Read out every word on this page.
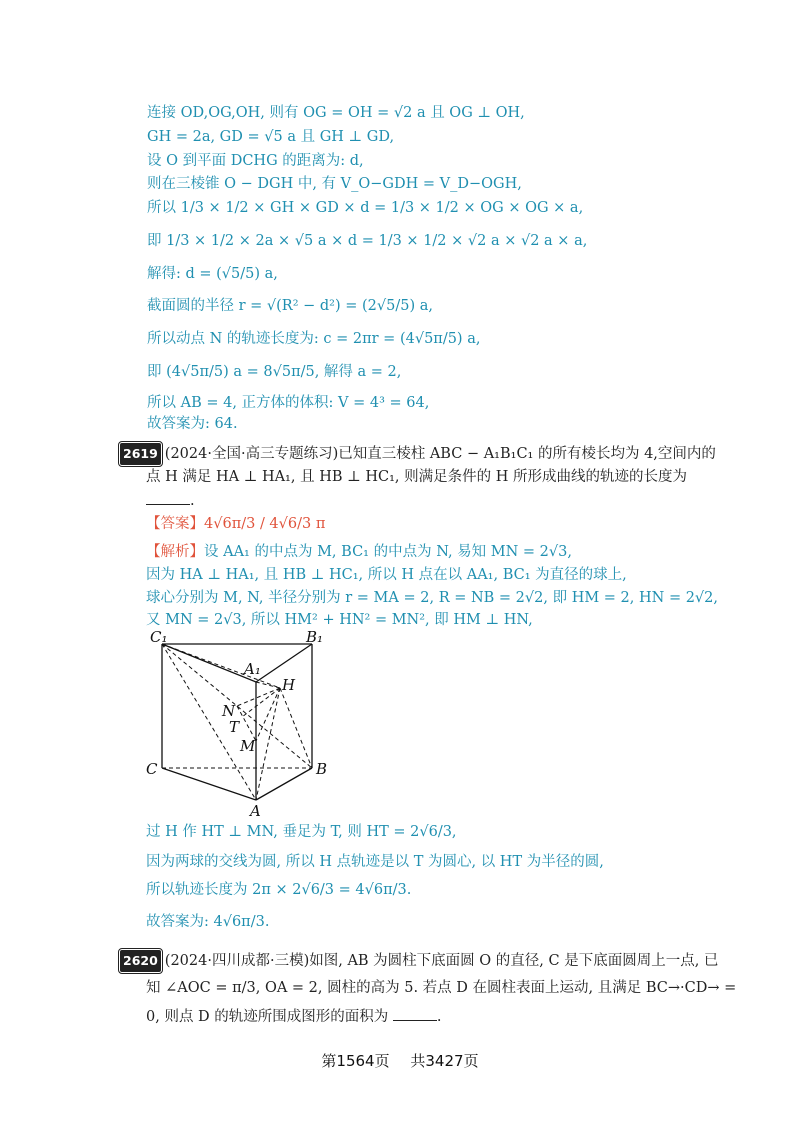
连接 OD,OG,OH, 则有 OG = OH = √2 a 且 OG ⊥ OH,
GH = 2a, GD = √5 a 且 GH ⊥ GD,
设 O 到平面 DCHG 的距离为: d,
则在三棱锥 O − DGH 中, 有 V_O−GDH = V_D−OGH,
所以 1/3 × 1/2 × GH × GD × d = 1/3 × 1/2 × OG × OG × a,
即 1/3 × 1/2 × 2a × √5 a × d = 1/3 × 1/2 × √2 a × √2 a × a,
解得: d = (√5/5) a,
截面圆的半径 r = √(R² − d²) = (2√5/5) a,
所以动点 N 的轨迹长度为: c = 2πr = (4√5π/5) a,
即 (4√5π/5) a = 8√5π/5, 解得 a = 2,
所以 AB = 4, 正方体的体积: V = 4³ = 64,
故答案为: 64.
2619 (2024·全国·高三专题练习)已知直三棱柱 ABC − A₁B₁C₁ 的所有棱长均为 4,空间内的
点 H 满足 HA ⊥ HA₁, 且 HB ⊥ HC₁, 则满足条件的 H 所形成曲线的轨迹的长度为
.
【答案】4√6π/3 / 4√6/3 π
【解析】设 AA₁ 的中点为 M, BC₁ 的中点为 N, 易知 MN = 2√3,
因为 HA ⊥ HA₁, 且 HB ⊥ HC₁, 所以 H 点在以 AA₁, BC₁ 为直径的球上,
球心分别为 M, N, 半径分别为 r = MA = 2, R = NB = 2√2, 即 HM = 2, HN = 2√2,
又 MN = 2√3, 所以 HM² + HN² = MN², 即 HM ⊥ HN,
C₁	B₁
A₁
H
N
T
M
C	B
A
过 H 作 HT ⊥ MN, 垂足为 T, 则 HT = 2√6/3,
因为两球的交线为圆, 所以 H 点轨迹是以 T 为圆心, 以 HT 为半径的圆,
所以轨迹长度为 2π × 2√6/3 = 4√6π/3.
故答案为: 4√6π/3.
2620 (2024·四川成都·三模)如图, AB 为圆柱下底面圆 O 的直径, C 是下底面圆周上一点, 已
知 ∠AOC = π/3, OA = 2, 圆柱的高为 5. 若点 D 在圆柱表面上运动, 且满足 BC→·CD→ =
0, 则点 D 的轨迹所围成图形的面积为	.
第1564页 共3427页
